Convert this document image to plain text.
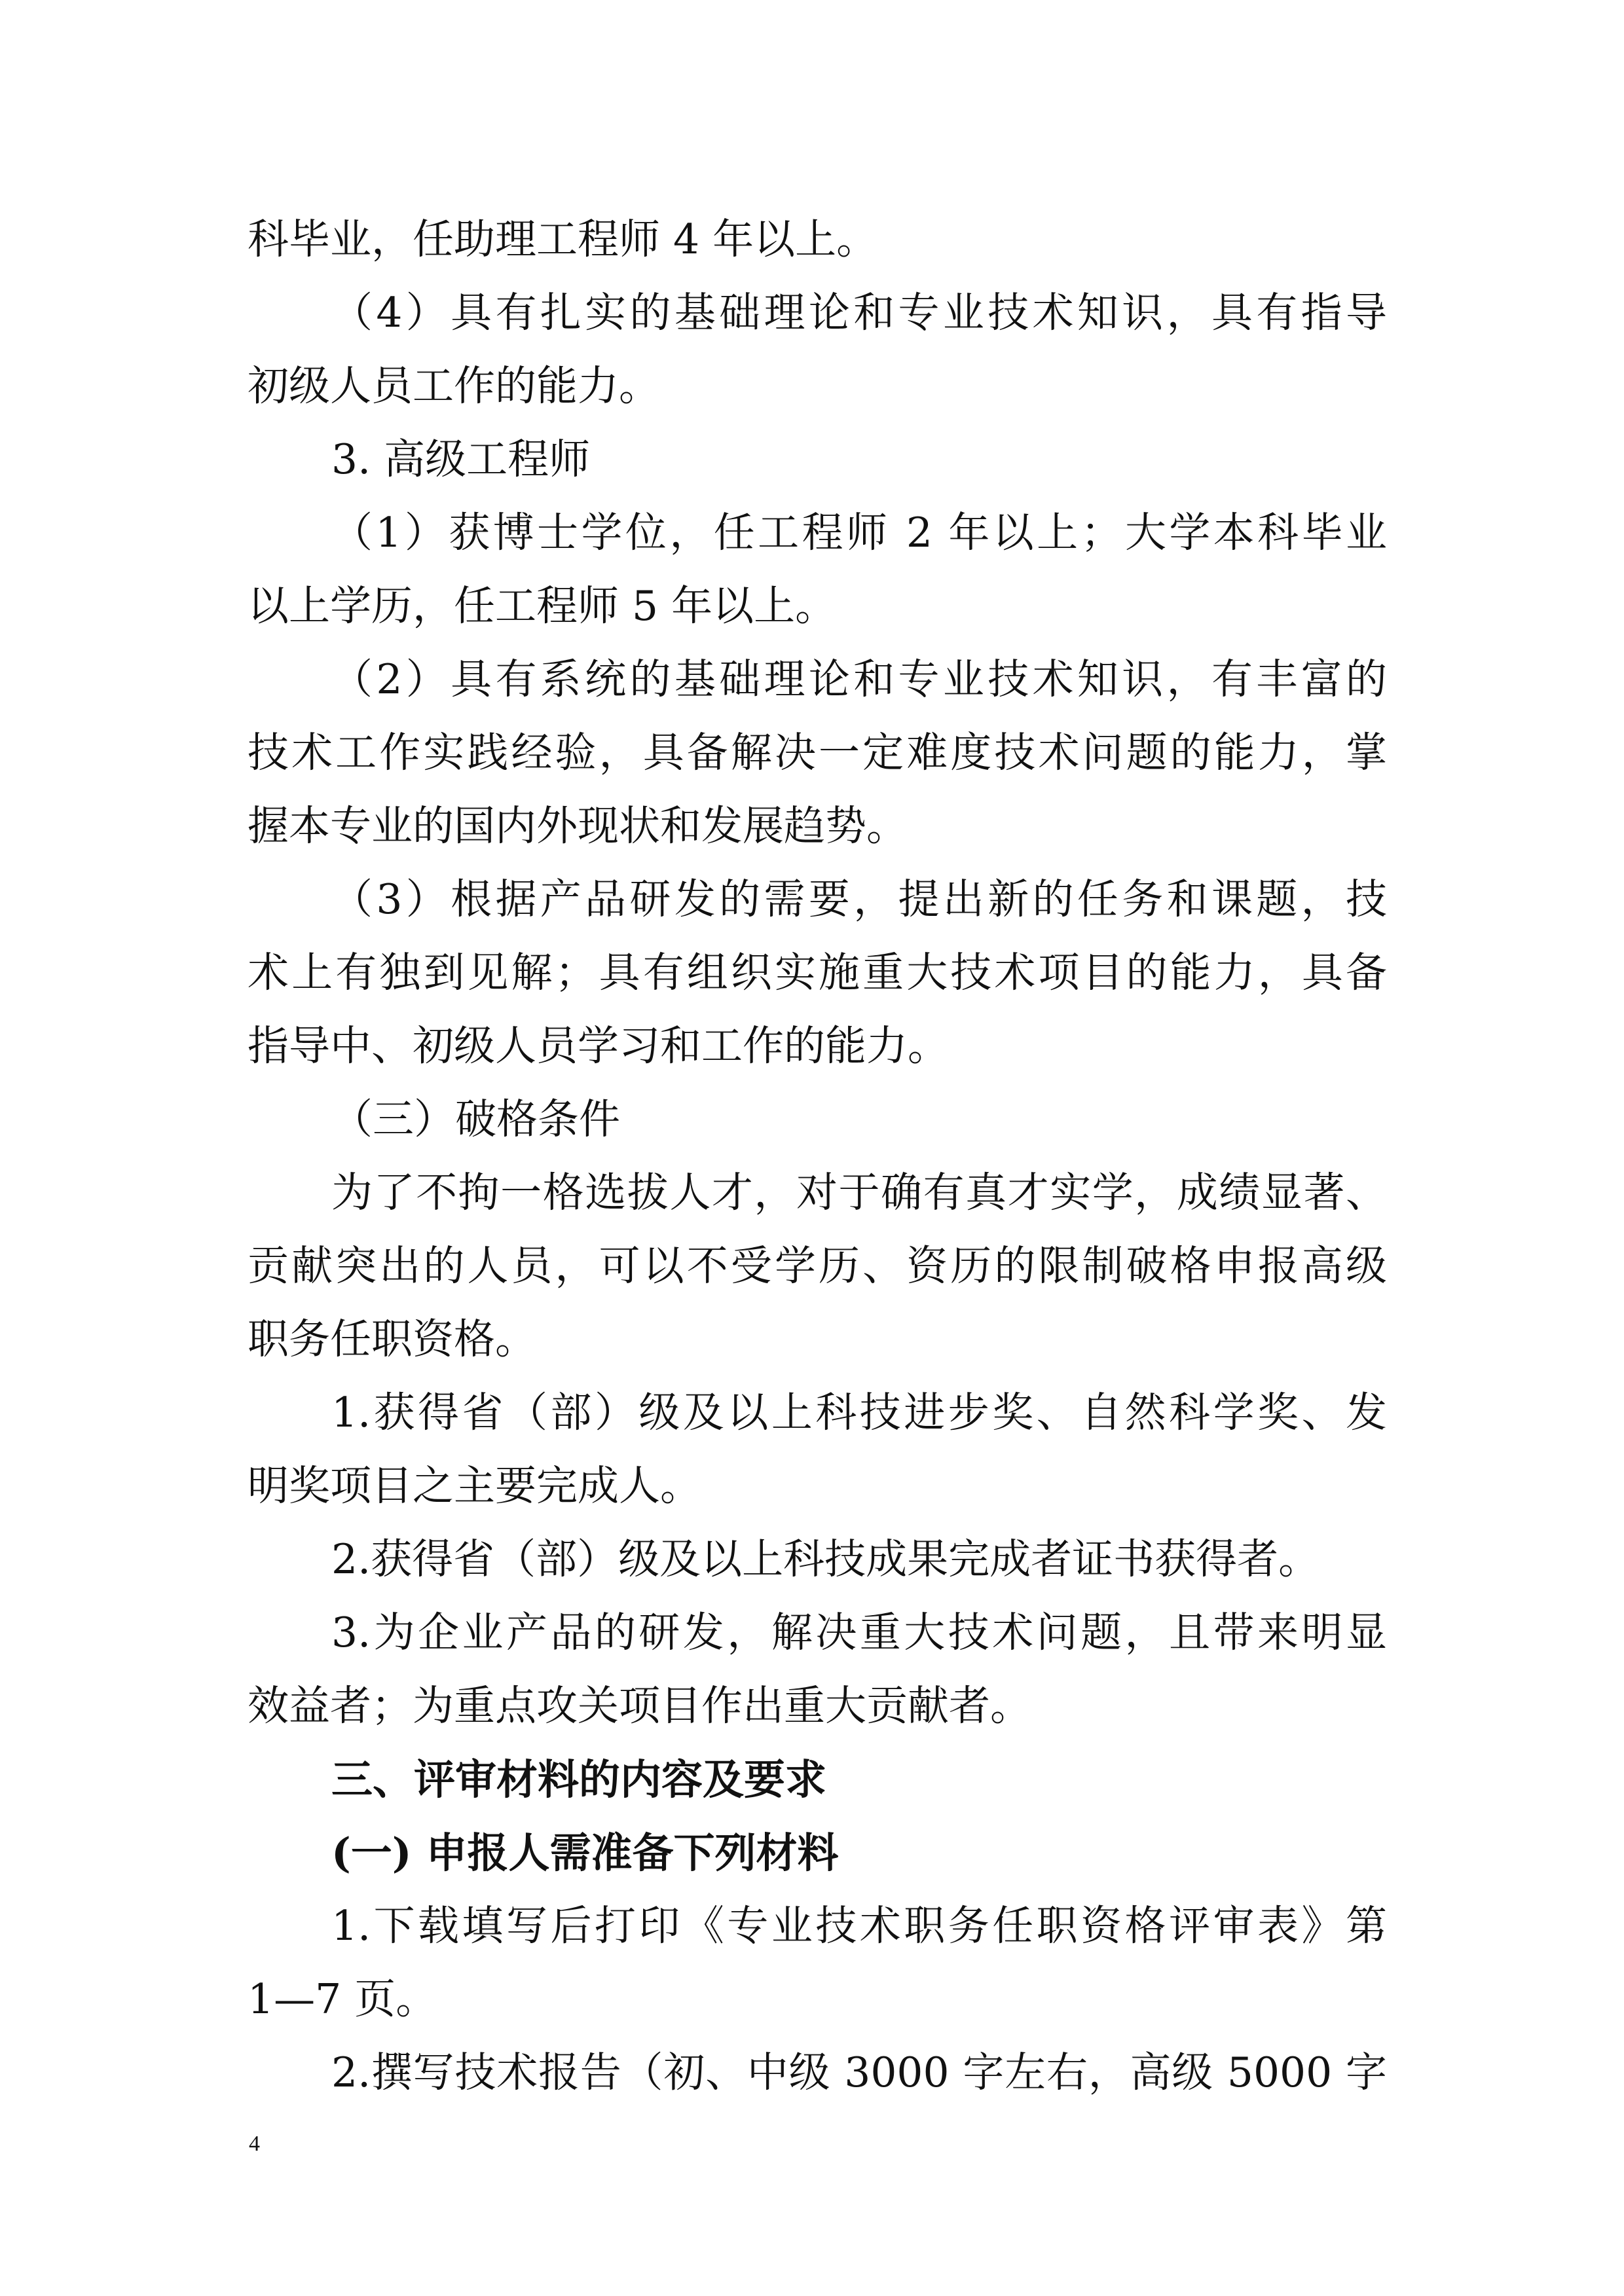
科毕业，任助理工程师 4 年以上。
（4）具有扎实的基础理论和专业技术知识，具有指导
初级人员工作的能力。
3. 高级工程师
（1）获博士学位，任工程师 2 年以上；大学本科毕业
以上学历，任工程师 5 年以上。
（2）具有系统的基础理论和专业技术知识，有丰富的
技术工作实践经验，具备解决一定难度技术问题的能力，掌
握本专业的国内外现状和发展趋势。
（3）根据产品研发的需要，提出新的任务和课题，技
术上有独到见解；具有组织实施重大技术项目的能力，具备
指导中、初级人员学习和工作的能力。
（三）破格条件
为了不拘一格选拔人才，对于确有真才实学，成绩显著、
贡献突出的人员，可以不受学历、资历的限制破格申报高级
职务任职资格。
1.获得省（部）级及以上科技进步奖、自然科学奖、发
明奖项目之主要完成人。
2.获得省（部）级及以上科技成果完成者证书获得者。
3.为企业产品的研发，解决重大技术问题，且带来明显
效益者；为重点攻关项目作出重大贡献者。
三、评审材料的内容及要求
(一) 申报人需准备下列材料
1.下载填写后打印《专业技术职务任职资格评审表》第
1—7 页。
2.撰写技术报告（初、中级 3000 字左右，高级 5000 字
4
